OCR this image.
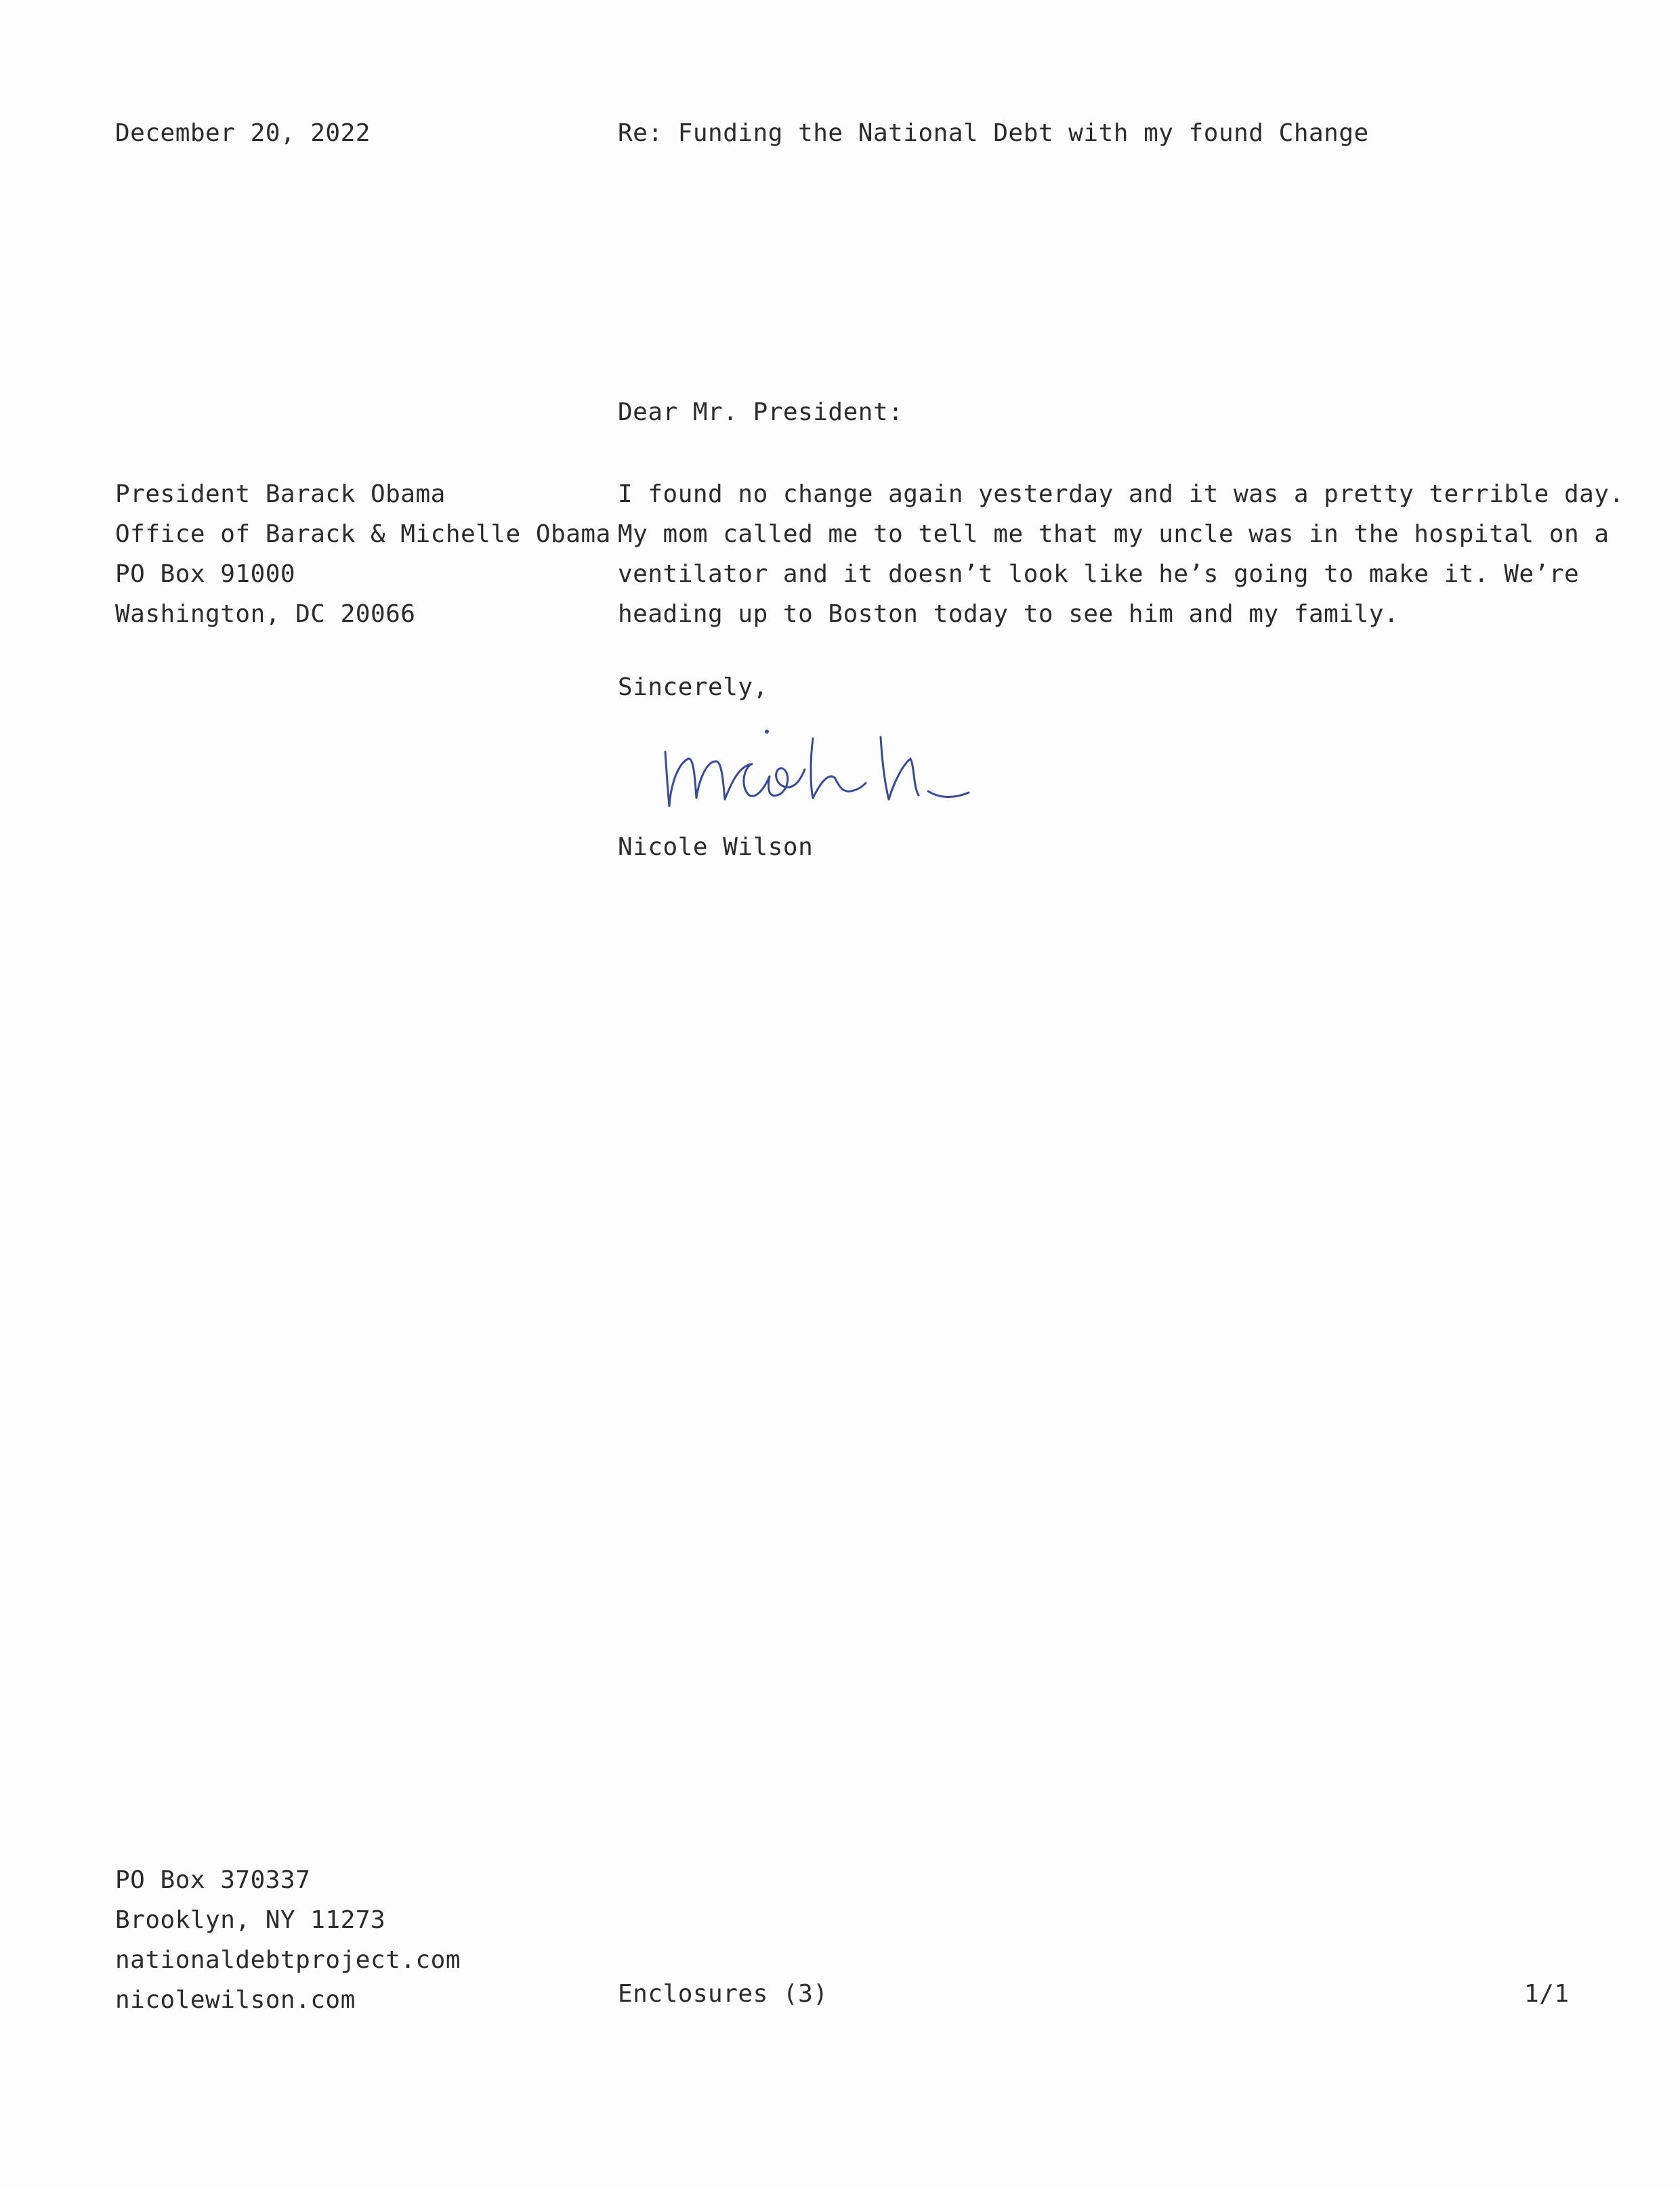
December 20, 2022	Re: Funding the National Debt with my found Change
Dear Mr. President:
President Barack Obama
Office of Barack & Michelle Obama
PO Box 91000
Washington, DC 20066
I found no change again yesterday and it was a pretty terrible day.
My mom called me to tell me that my uncle was in the hospital on a
ventilator and it doesn’t look like he’s going to make it. We’re
heading up to Boston today to see him and my family.
Sincerely,
Nicole Wilson
PO Box 370337
Brooklyn, NY 11273
nationaldebtproject.com
nicolewilson.com	Enclosures (3)	1/1
